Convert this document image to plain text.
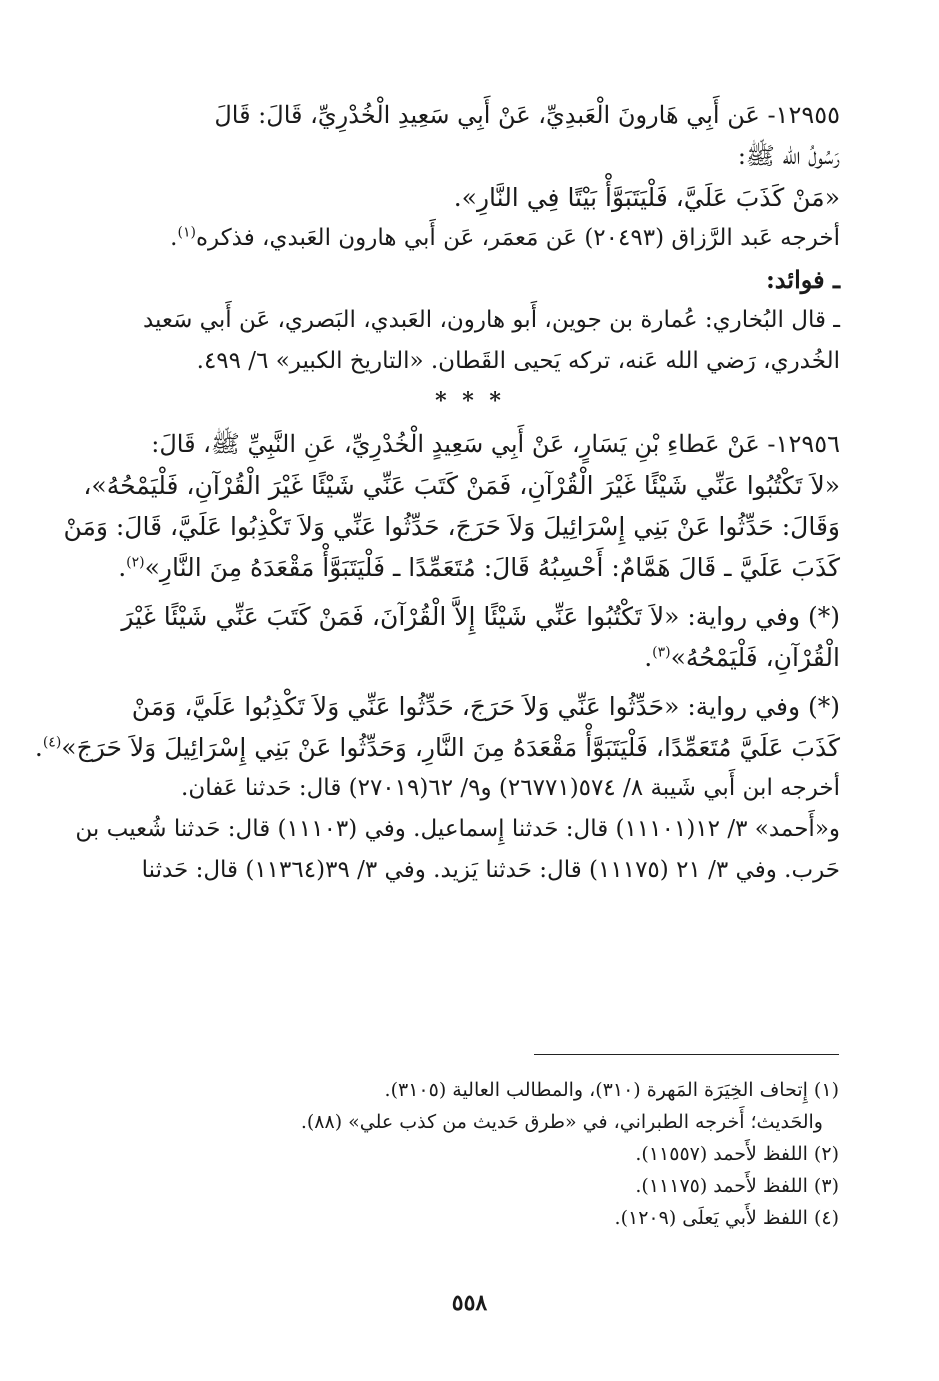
١٢٩٥٥- عَن أَبِي هَارونَ الْعَبدِيِّ، عَنْ أَبِي سَعِيدِ الْخُدْرِيِّ، قَالَ: قَالَ

رَسُولُ الله ﷺ:

«مَنْ كَذَبَ عَلَيَّ، فَلْيَتَبَوَّأْ بَيْتًا فِي النَّارِ».

أخرجه عَبد الرَّزاق (٢٠٤٩٣) عَن مَعمَر، عَن أَبي هارون العَبدي، فذكره$^{(١)}$.

ـ فوائد:

ـ قال البُخاري: عُمارة بن جوين، أَبو هارون، العَبدي، البَصري، عَن أَبي سَعيد

الخُدري، رَضي الله عَنه، تركه يَحيى القَطان. «التاريخ الكبير» ٦/ ٤٩٩.

* * *

١٢٩٥٦- عَنْ عَطاءِ بْنِ يَسَارٍ، عَنْ أَبِي سَعِيدٍ الْخُدْرِيِّ، عَنِ النَّبِيِّ ﷺ، قَالَ:

«لاَ تَكْتُبُوا عَنِّي شَيْئًا غَيْرَ الْقُرْآنِ، فَمَنْ كَتَبَ عَنِّي شَيْئًا غَيْرَ الْقُرْآنِ، فَلْيَمْحُهُ»،

وَقَالَ: حَدِّثُوا عَنْ بَنِي إِسْرَائِيلَ وَلاَ حَرَجَ، حَدِّثُوا عَنِّي وَلاَ تَكْذِبُوا عَلَيَّ، قَالَ: وَمَنْ

كَذَبَ عَلَيَّ ـ قَالَ هَمَّامٌ: أَحْسِبُهُ قَالَ: مُتَعَمِّدًا ـ فَلْيَتَبَوَّأْ مَقْعَدَهُ مِنَ النَّارِ»$^{(٢)}$.

(*) وفي رواية: «لاَ تَكْتُبُوا عَنِّي شَيْئًا إِلاَّ الْقُرْآنَ، فَمَنْ كَتَبَ عَنِّي شَيْئًا غَيْرَ

الْقُرْآنِ، فَلْيَمْحُهُ»$^{(٣)}$.

(*) وفي رواية: «حَدِّثُوا عَنِّي وَلاَ حَرَجَ، حَدِّثُوا عَنِّي وَلاَ تَكْذِبُوا عَلَيَّ، وَمَنْ

كَذَبَ عَلَيَّ مُتَعَمِّدًا، فَلْيَتَبَوَّأْ مَقْعَدَهُ مِنَ النَّارِ، وَحَدِّثُوا عَنْ بَنِي إِسْرَائِيلَ وَلاَ حَرَجَ»$^{(٤)}$.

أخرجه ابن أَبي شَيبة ٨/ ٥٧٤(٢٦٧٧١) و٩/ ٦٢(٢٧٠١٩) قال: حَدثنا عَفان.

و«أَحمد» ٣/ ١٢(١١١٠١) قال: حَدثنا إِسماعيل. وفي (١١١٠٣) قال: حَدثنا شُعيب بن

حَرب. وفي ٣/ ٢١ (١١١٧٥) قال: حَدثنا يَزيد. وفي ٣/ ٣٩(١١٣٦٤) قال: حَدثنا

(١) إِتحاف الخِيَرَة المَهرة (٣١٠)، والمطالب العالية (٣١٠٥).

والحَديث؛ أَخرجه الطبراني، في «طرق حَديث من كذب علي» (٨٨).

(٢) اللفظ لأَحمد (١١٥٥٧).

(٣) اللفظ لأَحمد (١١١٧٥).

(٤) اللفظ لأَبي يَعلَى (١٢٠٩).

٥٥٨
